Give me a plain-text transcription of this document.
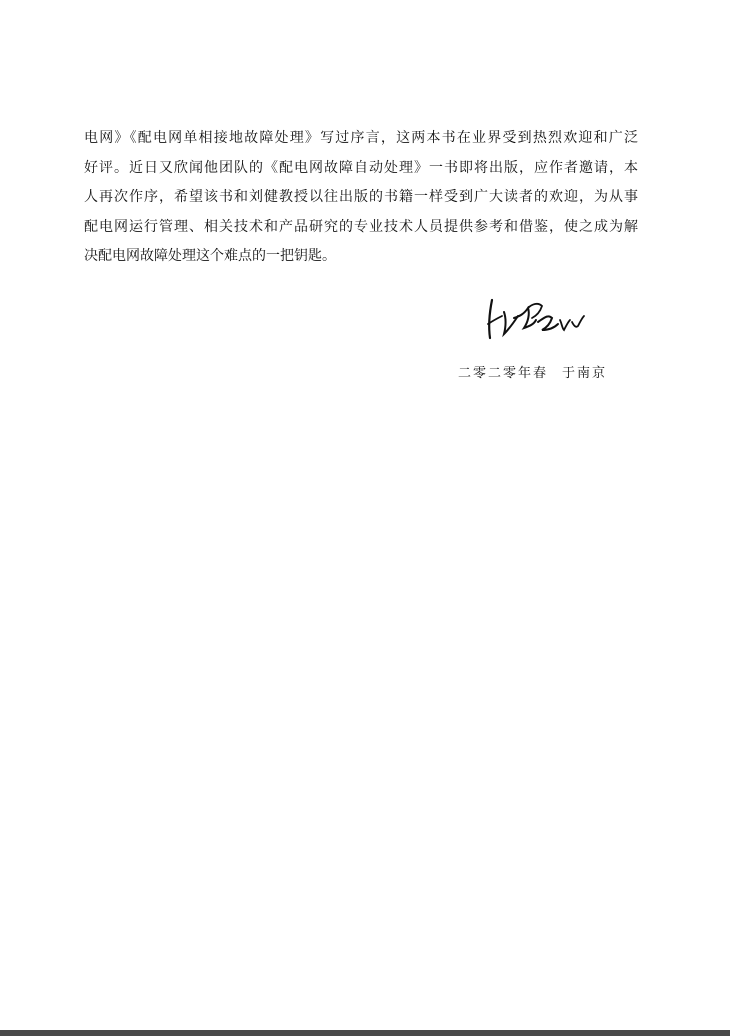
电网》《配电网单相接地故障处理》写过序言，这两本书在业界受到热烈欢迎和广泛
好评。近日又欣闻他团队的《配电网故障自动处理》一书即将出版，应作者邀请，本
人再次作序，希望该书和刘健教授以往出版的书籍一样受到广大读者的欢迎，为从事
配电网运行管理、相关技术和产品研究的专业技术人员提供参考和借鉴，使之成为解
决配电网故障处理这个难点的一把钥匙。

二零二零年春 于南京
